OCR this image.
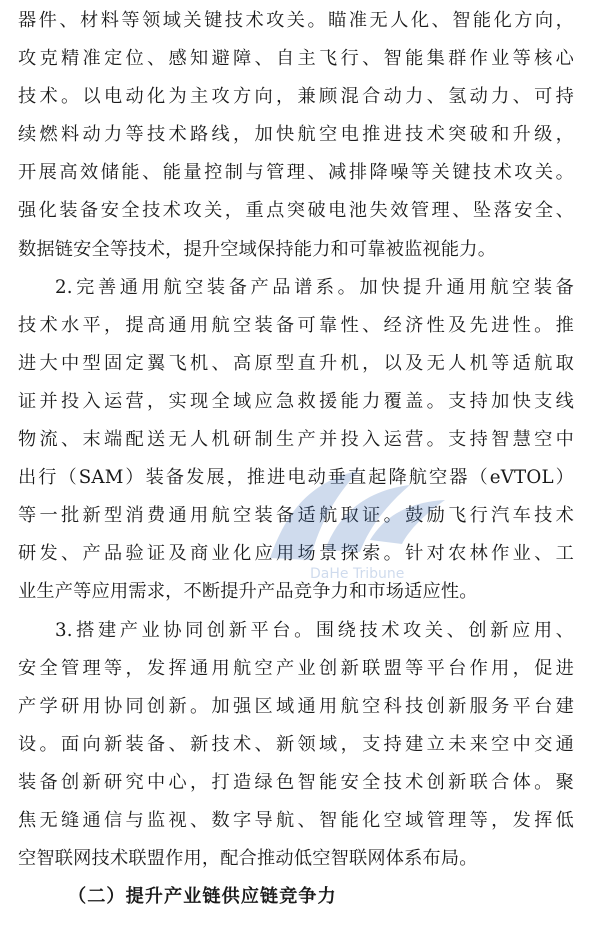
器件、材料等领域关键技术攻关。瞄准无人化、智能化方向，
攻克精准定位、感知避障、自主飞行、智能集群作业等核心
技术。以电动化为主攻方向，兼顾混合动力、氢动力、可持
续燃料动力等技术路线，加快航空电推进技术突破和升级，
开展高效储能、能量控制与管理、减排降噪等关键技术攻关。
强化装备安全技术攻关，重点突破电池失效管理、坠落安全、
数据链安全等技术，提升空域保持能力和可靠被监视能力。

2.完善通用航空装备产品谱系。加快提升通用航空装备
技术水平，提高通用航空装备可靠性、经济性及先进性。推
进大中型固定翼飞机、高原型直升机，以及无人机等适航取
证并投入运营，实现全域应急救援能力覆盖。支持加快支线
物流、末端配送无人机研制生产并投入运营。支持智慧空中
出行（SAM）装备发展，推进电动垂直起降航空器（eVTOL）
等一批新型消费通用航空装备适航取证。鼓励飞行汽车技术
研发、产品验证及商业化应用场景探索。针对农林作业、工
业生产等应用需求，不断提升产品竞争力和市场适应性。

3.搭建产业协同创新平台。围绕技术攻关、创新应用、
安全管理等，发挥通用航空产业创新联盟等平台作用，促进
产学研用协同创新。加强区域通用航空科技创新服务平台建
设。面向新装备、新技术、新领域，支持建立未来空中交通
装备创新研究中心，打造绿色智能安全技术创新联合体。聚
焦无缝通信与监视、数字导航、智能化空域管理等，发挥低
空智联网技术联盟作用，配合推动低空智联网体系布局。

（二）提升产业链供应链竞争力

DaHe Tribune
